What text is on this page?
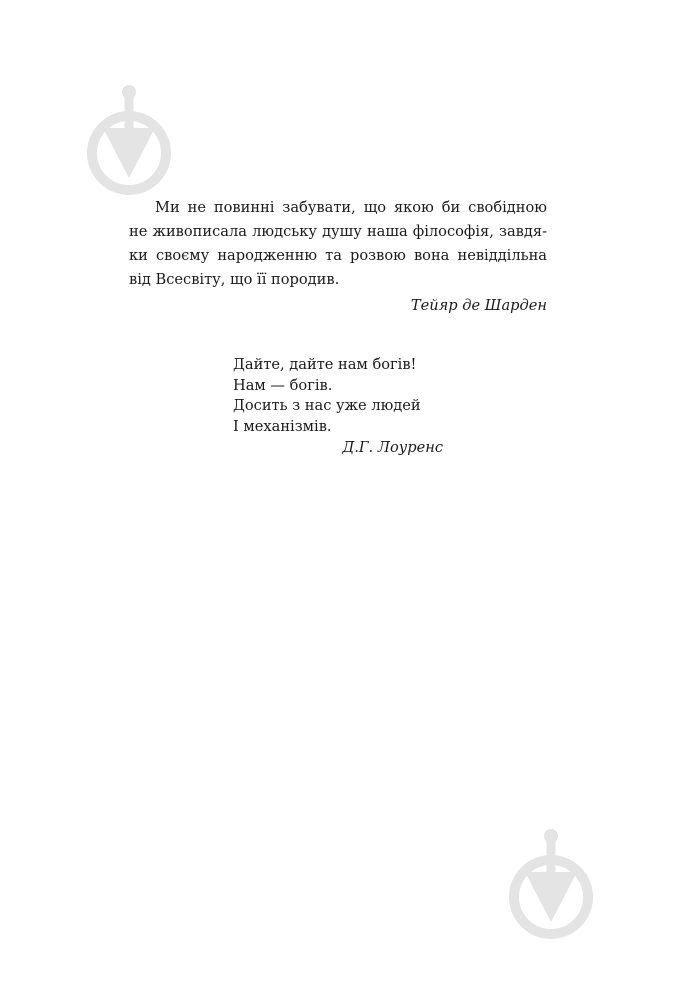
Ми не повинні забувати, що якою би свобідною
не живописала людську душу наша філософія, завдя-
ки своєму народженню та розвою вона невіддільна
від Всесвіту, що її породив.

Тейяр де Шарден

Дайте, дайте нам богів!
Нам — богів.
Досить з нас уже людей
І механізмів.

Д.Г. Лоуренс
